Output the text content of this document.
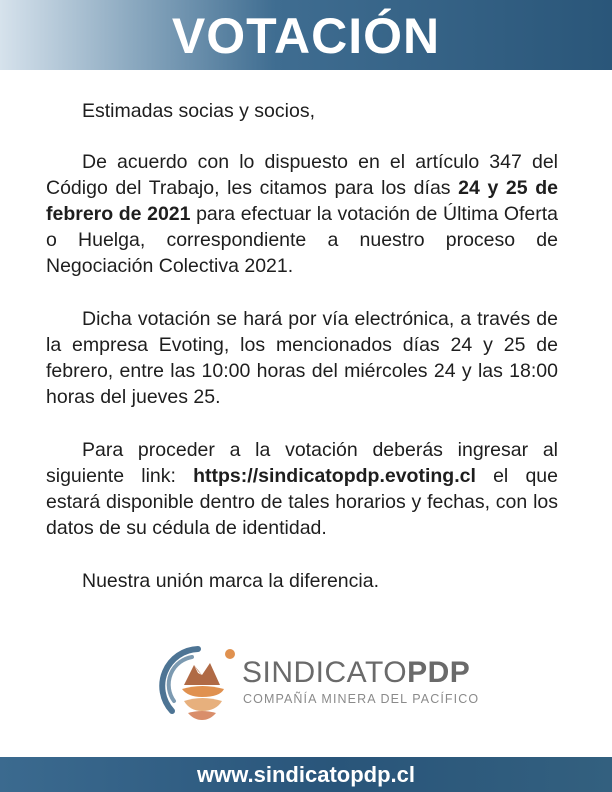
VOTACIÓN

Estimadas socias y socios,

De acuerdo con lo dispuesto en el artículo 347 del Código del Trabajo, les citamos para los días 24 y 25 de febrero de 2021 para efectuar la votación de Última Oferta o Huelga, correspondiente a nuestro proceso de Negociación Colectiva 2021.

Dicha votación se hará por vía electrónica, a través de la empresa Evoting, los mencionados días 24 y 25 de febrero, entre las 10:00 horas del miércoles 24 y las 18:00 horas del jueves 25.

Para proceder a la votación deberás ingresar al siguiente link: https://sindicatopdp.evoting.cl el que estará disponible dentro de tales horarios y fechas, con los datos de su cédula de identidad.

Nuestra unión marca la diferencia.

SINDICATOPDP
COMPAÑÍA MINERA DEL PACÍFICO
www.sindicatopdp.cl
